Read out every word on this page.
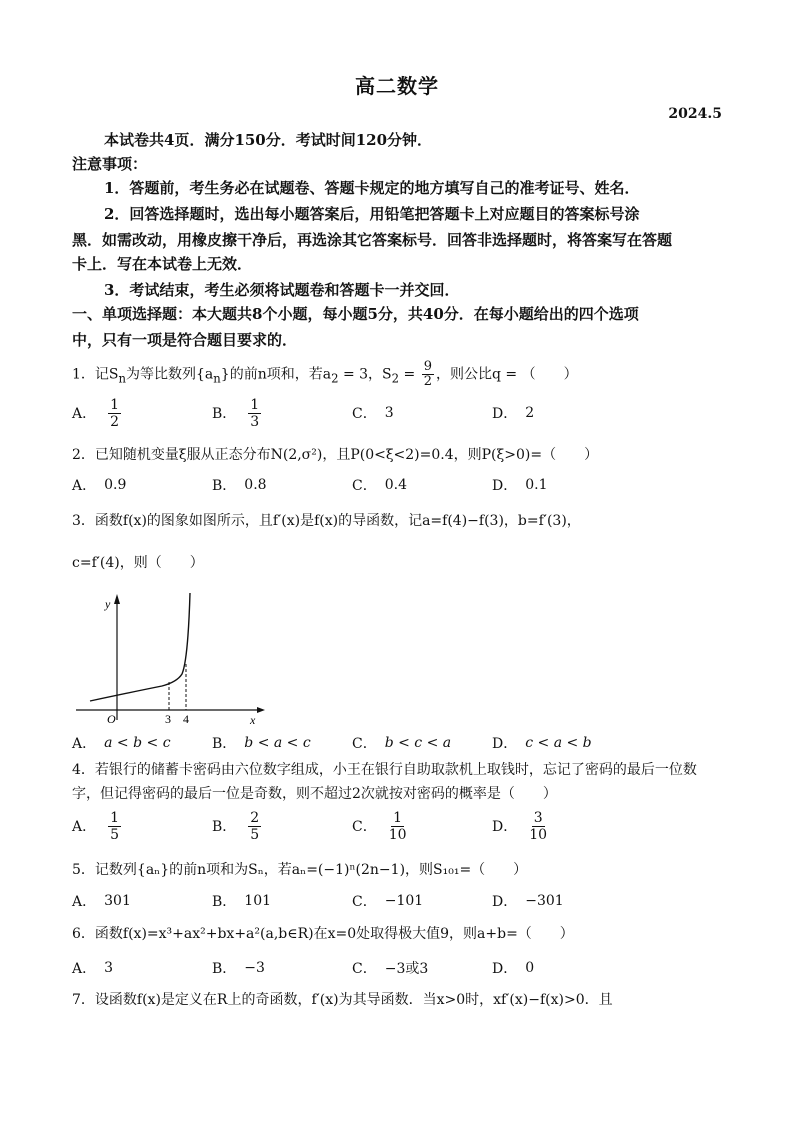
高二数学
2024.5
本试卷共4页．满分150分．考试时间120分钟．
注意事项：
1．答题前，考生务必在试题卷、答题卡规定的地方填写自己的准考证号、姓名．
2．回答选择题时，选出每小题答案后，用铅笔把答题卡上对应题目的答案标号涂
黑．如需改动，用橡皮擦干净后，再选涂其它答案标号．回答非选择题时，将答案写在答题
卡上．写在本试卷上无效．
3．考试结束，考生必须将试题卷和答题卡一并交回．
一、单项选择题：本大题共8个小题，每小题5分，共40分．在每小题给出的四个选项
中，只有一项是符合题目要求的．
1．记$S_n$为等比数列$\{a_n\}$的前n项和，若$a_2 = 3$，$S_2 = \frac{9}{2}$ ，则公比q = （　　）
A． $\frac{1}{2}$	B． $\frac{1}{3}$	C． 3	D． 2
2．已知随机变量ξ服从正态分布N(2,σ²)，且P(0<ξ<2)=0.4，则P(ξ>0)=（　　）
A． 0.9	B． 0.8	C． 0.4	D． 0.1
3．函数f(x)的图象如图所示，且f′(x)是f(x)的导函数，记a=f(4)−f(3)，b=f′(3)，
c=f′(4)，则（　　）
y
x
O	3 4
A． a < b < c	B． b < a < c	C． b < c < a	D． c < a < b
4．若银行的储蓄卡密码由六位数字组成，小王在银行自助取款机上取钱时，忘记了密码的最后一位数
字，但记得密码的最后一位是奇数，则不超过2次就按对密码的概率是（　　）
A． $\frac{1}{5}$	B． $\frac{2}{5}$	C． $\frac{1}{10}$	D． $\frac{3}{10}$
5．记数列{aₙ}的前n项和为Sₙ，若aₙ=(−1)ⁿ(2n−1)，则S₁₀₁=（　　）
A． 301	B． 101	C． −101	D． −301
6．函数f(x)=x³+ax²+bx+a²(a,b∈R)在x=0处取得极大值9，则a+b=（　　）
A． 3	B． −3	C． −3或3	D． 0
7．设函数f(x)是定义在R上的奇函数，f′(x)为其导函数．当x>0时，xf′(x)−f(x)>0．且
